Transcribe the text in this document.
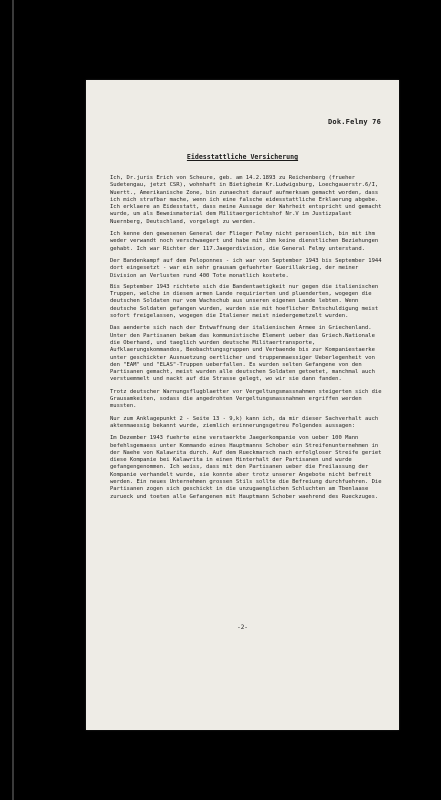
Dok.Felmy 76
Eidesstattliche Versicherung

Ich, Dr.juris Erich von Scheure, geb. am 14.2.1893 zu Reichenberg (frueher Sudetengau, jetzt CSR), wohnhaft in Bietigheim Kr.Ludwigsburg, Loechgauerstr.6/I, Wuertt., Amerikanische Zone, bin zunaechst darauf aufmerksam gemacht worden, dass ich mich strafbar mache, wenn ich eine falsche eidesstattliche Erklaerung abgebe. Ich erklaere an Eidesstatt, dass meine Aussage der Wahrheit entspricht und gemacht wurde, um als Beweismaterial dem Militaergerichtshof Nr.V im Justizpalast Nuernberg, Deutschland, vorgelegt zu werden.

Ich kenne den gewesenen General der Flieger Felmy nicht persoenlich, bin mit ihm weder verwandt noch verschwaegert und habe mit ihm keine dienstlichen Beziehungen gehabt. Ich war Richter der 117.Jaegerdivision, die General Felmy unterstand.

Der Bandenkampf auf dem Peloponnes - ich war von September 1943 bis September 1944 dort eingesetzt - war ein sehr grausam gefuehrter Guerillakrieg, der meiner Division an Verlusten rund 400 Tote monatlich kostete.

Bis September 1943 richtete sich die Bandentaetigkeit nur gegen die italienischen Truppen, welche in diesem armen Lande requirierten und pluenderten, wogegen die deutschen Soldaten nur vom Wachschub aus unseren eigenen Lande lebten. Wenn deutsche Soldaten gefangen wurden, wurden sie mit hoeflicher Entschuldigung meist sofort freigelassen, wogegen die Italiener meist niedergemetzelt wurden.

Das aenderte sich nach der Entwaffnung der italienischen Armee in Griechenland. Unter den Partisanen bekam das kommunistische Element ueber das Griech.Nationale die Oberhand, und taeglich wurden deutsche Militaertransporte, Aufklaerungskommandos, Beobachtungsgruppen und Verbaende bis zur Kompaniestaerke unter geschickter Ausnuetzung oertlicher und truppenmaessiger Ueberlegenheit von den "EAM" und "ELAS"-Truppen ueberfallen. Es wurden selten Gefangene von den Partisanen gemacht, meist wurden alle deutschen Soldaten getoetet, manchmal auch verstuemmelt und nackt auf die Strasse gelegt, wo wir sie dann fanden.

Trotz deutscher Warnungsflugblaetter vor Vergeltungsmassnahmen steigerten sich die Grausamkeiten, sodass die angedrohten Vergeltungsmassnahmen ergriffen werden mussten.

Nur zum Anklagepunkt 2 - Seite 13 - 9,k) kann ich, da mir dieser Sachverhalt auch aktenmaessig bekannt wurde, ziemlich erinnerungsgetreu Folgendes aussagen:

Im Dezember 1943 fuehrte eine verstaerkte Jaegerkompanie von ueber 100 Mann befehlsgemaess unter Kommando eines Hauptmanns Schober ein Streifenunternehmen in der Naehe von Kalawrita durch. Auf dem Rueckmarsch nach erfolgloser Streife geriet diese Kompanie bei Kalawrita in einen Hinterhalt der Partisanen und wurde gefangengenommen. Ich weiss, dass mit den Partisanen ueber die Freilassung der Kompanie verhandelt wurde, sie konnte aber trotz unserer Angebote nicht befreit werden. Ein neues Unternehmen grossen Stils sollte die Befreiung durchfuehren. Die Partisanen zogen sich geschickt in die unzugaenglichen Schluchten am Tbenlaase zurueck und toeten alle Gefangenen mit Hauptmann Schober waehrend des Rueckzuges.

-2-
